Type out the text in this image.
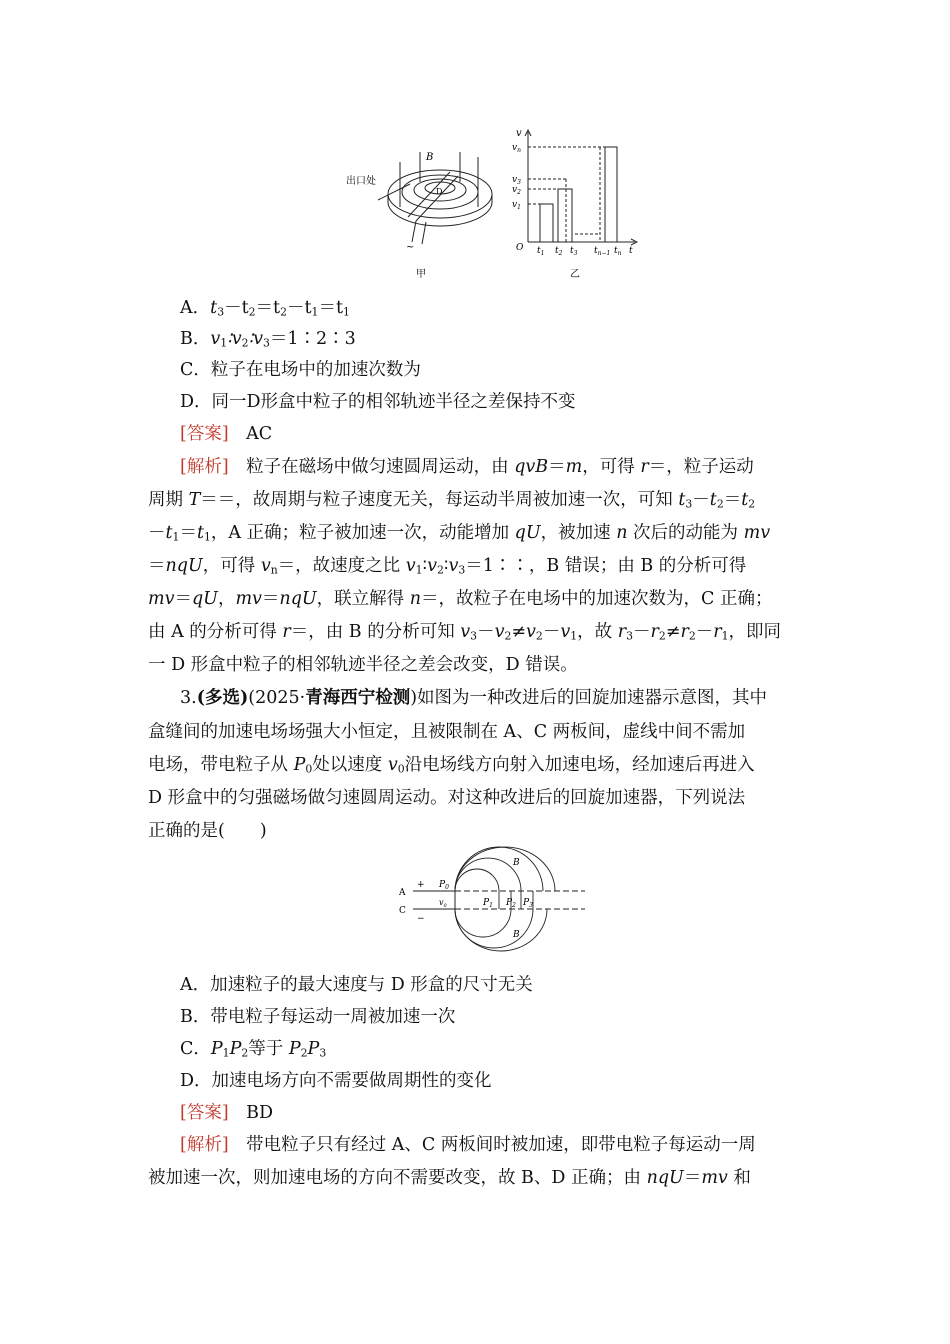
出口处
B
D
~
甲
v
$v_n$
$v_3$
$v_2$
$v_1$
O $t_1$ $t_2$ $t_3$ $t_{n-1}$ $t_n$ t
乙
A．$t_3-t_2=t_2-t_1=t_1$
B．$v_1∶v_2∶v_3=1∶2∶3$
C．粒子在电场中的加速次数为
D．同一D形盒中粒子的相邻轨迹半径之差保持不变
[答案]　 AC
[解析]　 粒子在磁场中做匀速圆周运动，由 qvB＝m，可得 r＝，粒子运动
周期 T＝＝，故周期与粒子速度无关，每运动半周被加速一次，可知 $t_3-t_2=t_2$
$-t_1=t_1$，A 正确；粒子被加速一次，动能增加 qU，被加速 n 次后的动能为 mv
＝nqU，可得 $v_n=$，故速度之比 $v_1∶v_2∶v_3=1∶∶$，B 错误；由 B 的分析可得
mv＝qU，mv＝nqU，联立解得 n＝，故粒子在电场中的加速次数为，C 正确；
由 A 的分析可得 r＝，由 B 的分析可知 $v_3-v_2\ne v_2-v_1$，故 $r_3-r_2\ne r_2-r_1$，即同
一 D 形盒中粒子的相邻轨迹半径之差会改变，D 错误。
3.(多选)(2025·青海西宁检测)如图为一种改进后的回旋加速器示意图，其中
盒缝间的加速电场场强大小恒定，且被限制在 A、C 两板间，虚线中间不需加
电场，带电粒子从 $P_0$处以速度 $v_0$沿电场线方向射入加速电场，经加速后再进入
D 形盒中的匀强磁场做匀速圆周运动。对这种改进后的回旋加速器，下列说法
正确的是(　　)
A
+
C
−
$P_0$
$v_0$	$P_1$ $P_2$ $P_3$
B
B
A．加速粒子的最大速度与 D 形盒的尺寸无关
B．带电粒子每运动一周被加速一次
C．$P_1P_2$等于 $P_2P_3$
D．加速电场方向不需要做周期性的变化
[答案]　 BD
[解析]　 带电粒子只有经过 A、C 两板间时被加速，即带电粒子每运动一周
被加速一次，则加速电场的方向不需要改变，故 B、D 正确；由 nqU＝mv 和
